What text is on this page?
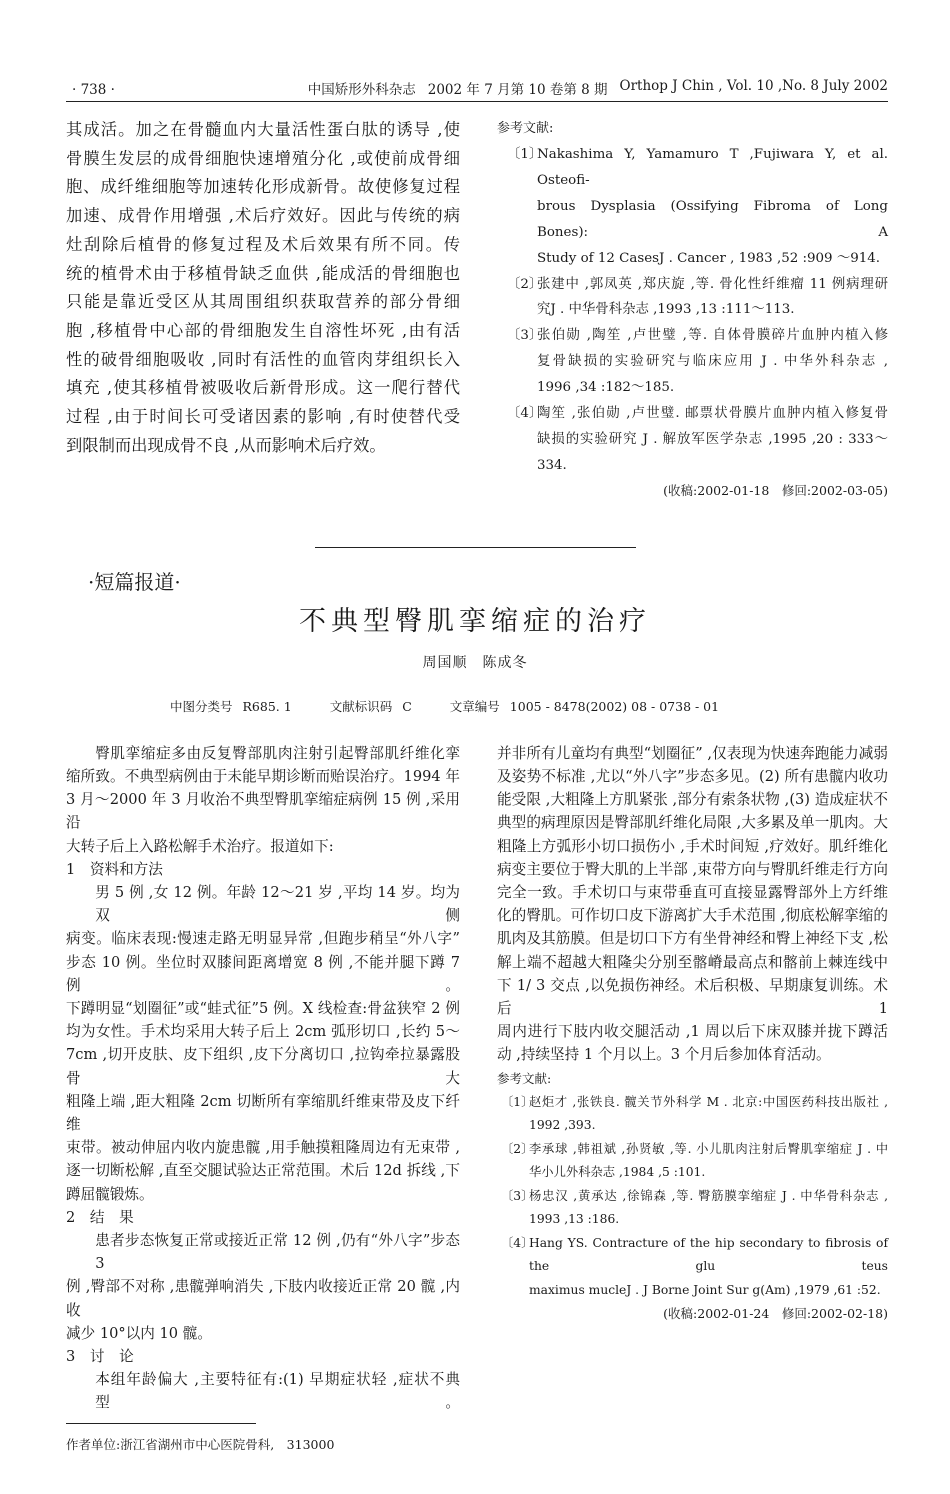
· 738 ·	中国矫形外科杂志 2002 年 7 月第 10 卷第 8 期 Orthop J Chin , Vol. 10 ,No. 8 July 2002
其成活。加之在骨髓血内大量活性蛋白肽的诱导 ,使
骨膜生发层的成骨细胞快速增殖分化 ,或使前成骨细
胞、成纤维细胞等加速转化形成新骨。故使修复过程
加速、成骨作用增强 ,术后疗效好。因此与传统的病
灶刮除后植骨的修复过程及术后效果有所不同。传
统的植骨术由于移植骨缺乏血供 ,能成活的骨细胞也
只能是靠近受区从其周围组织获取营养的部分骨细
胞 ,移植骨中心部的骨细胞发生自溶性坏死 ,由有活
性的破骨细胞吸收 ,同时有活性的血管肉芽组织长入
填充 ,使其移植骨被吸收后新骨形成。这一爬行替代
过程 ,由于时间长可受诸因素的影响 ,有时使替代受
到限制而出现成骨不良 ,从而影响术后疗效。
参考文献:
〔1〕
Nakashima Y, Yamamuro T ,Fujiwara Y, et al. Osteofi-
brous Dysplasia (Ossifying Fibroma of Long Bones): A
Study of 12 CasesJ . Cancer , 1983 ,52 :909 ～914.
〔2〕
张建中 ,郭凤英 ,郑庆旋 ,等. 骨化性纤维瘤 11 例病理研
究J . 中华骨科杂志 ,1993 ,13 :111～113.
〔3〕
张伯勋 ,陶笙 ,卢世璧 ,等. 自体骨膜碎片血肿内植入修
复骨缺损的实验研究与临床应用 J . 中华外科杂志 ,
1996 ,34 :182～185.
〔4〕
陶笙 ,张伯勋 ,卢世璧. 邮票状骨膜片血肿内植入修复骨
缺损的实验研究 J . 解放军医学杂志 ,1995 ,20 : 333～
334.
(收稿:2002-01-18　修回:2002-03-05)
·短篇报道·
不典型臀肌挛缩症的治疗
周国顺　陈成冬
中图分类号 R685. 1	文献标识码 C	文章编号 1005 - 8478(2002) 08 - 0738 - 01
臀肌挛缩症多由反复臀部肌肉注射引起臀部肌纤维化挛
缩所致。不典型病例由于未能早期诊断而贻误治疗。1994 年
3 月～2000 年 3 月收治不典型臀肌挛缩症病例 15 例 ,采用沿
大转子后上入路松解手术治疗。报道如下:
1　资料和方法
男 5 例 ,女 12 例。年龄 12～21 岁 ,平均 14 岁。均为双侧
病变。临床表现:慢速走路无明显异常 ,但跑步稍呈“外八字”
步态 10 例。坐位时双膝间距离增宽 8 例 ,不能并腿下蹲 7 例。
下蹲明显“划圈征”或“蛙式征”5 例。X 线检查:骨盆狭窄 2 例
均为女性。手术均采用大转子后上 2cm 弧形切口 ,长约 5～
7cm ,切开皮肤、皮下组织 ,皮下分离切口 ,拉钩牵拉暴露股骨大
粗隆上端 ,距大粗隆 2cm 切断所有挛缩肌纤维束带及皮下纤维
束带。被动伸屈内收内旋患髋 ,用手触摸粗隆周边有无束带 ,
逐一切断松解 ,直至交腿试验达正常范围。术后 12d 拆线 ,下
蹲屈髋锻炼。
2　结　果
患者步态恢复正常或接近正常 12 例 ,仍有“外八字”步态 3
例 ,臀部不对称 ,患髋弹响消失 ,下肢内收接近正常 20 髋 ,内收
减少 10°以内 10 髋。
3　讨　论
本组年龄偏大 ,主要特征有:(1) 早期症状轻 ,症状不典型。
作者单位:浙江省湖州市中心医院骨科,　313000
并非所有儿童均有典型“划圈征” ,仅表现为快速奔跑能力减弱
及姿势不标准 ,尤以“外八字”步态多见。(2) 所有患髋内收功
能受限 ,大粗隆上方肌紧张 ,部分有索条状物 ,(3) 造成症状不
典型的病理原因是臀部肌纤维化局限 ,大多累及单一肌肉。大
粗隆上方弧形小切口损伤小 ,手术时间短 ,疗效好。肌纤维化
病变主要位于臀大肌的上半部 ,束带方向与臀肌纤维走行方向
完全一致。手术切口与束带垂直可直接显露臀部外上方纤维
化的臀肌。可作切口皮下游离扩大手术范围 ,彻底松解挛缩的
肌肉及其筋膜。但是切口下方有坐骨神经和臀上神经下支 ,松
解上端不超越大粗隆尖分别至髂嵴最高点和髂前上棘连线中
下 1/ 3 交点 ,以免损伤神经。术后积极、早期康复训练。术后 1
周内进行下肢内收交腿活动 ,1 周以后下床双膝并拢下蹲活
动 ,持续坚持 1 个月以上。3 个月后参加体育活动。
参考文献:
〔1〕
赵炬才 ,张铁良. 髋关节外科学 M . 北京:中国医药科技出版社 ,
1992 ,393.
〔2〕
李承球 ,韩祖斌 ,孙贤敏 ,等. 小儿肌肉注射后臀肌挛缩症 J . 中
华小儿外科杂志 ,1984 ,5 :101.
〔3〕
杨忠汉 ,黄承达 ,徐锦森 ,等. 臀筋膜挛缩症 J . 中华骨科杂志 ,
1993 ,13 :186.
〔4〕
Hang YS. Contracture of the hip secondary to fibrosis of the glu teus
maximus mucleJ . J Borne Joint Sur g(Am) ,1979 ,61 :52.
(收稿:2002-01-24　修回:2002-02-18)
